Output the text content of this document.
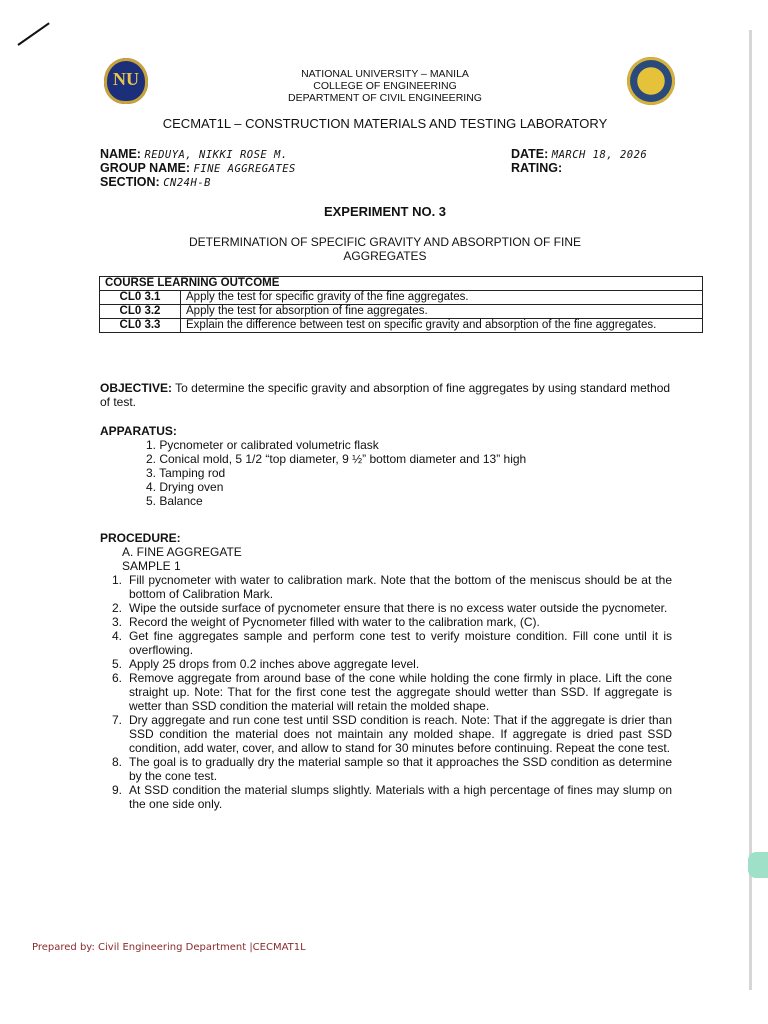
NU	NATIONAL UNIVERSITY – MANILA
COLLEGE OF ENGINEERING
DEPARTMENT OF CIVIL ENGINEERING
CECMAT1L – CONSTRUCTION MATERIALS AND TESTING LABORATORY
NAME: REDUYA, NIKKI ROSE M.
GROUP NAME: FINE AGGREGATES
SECTION: CN24H-B
DATE: MARCH 18, 2026
RATING:
EXPERIMENT NO. 3
DETERMINATION OF SPECIFIC GRAVITY AND ABSORPTION OF FINE AGGREGATES
COURSE LEARNING OUTCOME	
CL0 3.1	Apply the test for specific gravity of the fine aggregates.
CL0 3.2	Apply the test for absorption of fine aggregates.
CL0 3.3	Explain the difference between test on specific gravity and absorption of the fine aggregates.
OBJECTIVE: To determine the specific gravity and absorption of fine aggregates by using standard method of test.
APPARATUS:
1. Pycnometer or calibrated volumetric flask
2. Conical mold, 5 1/2 “top diameter, 9 ½” bottom diameter and 13” high
3. Tamping rod
4. Drying oven
5. Balance
PROCEDURE:
A. FINE AGGREGATE
SAMPLE 1
1. Fill pycnometer with water to calibration mark. Note that the bottom of the meniscus should be at the bottom of Calibration Mark.
2. Wipe the outside surface of pycnometer ensure that there is no excess water outside the pycnometer.
3. Record the weight of Pycnometer filled with water to the calibration mark, (C).
4. Get fine aggregates sample and perform cone test to verify moisture condition. Fill cone until it is overflowing.
5. Apply 25 drops from 0.2 inches above aggregate level.
6. Remove aggregate from around base of the cone while holding the cone firmly in place. Lift the cone straight up. Note: That for the first cone test the aggregate should wetter than SSD. If aggregate is wetter than SSD condition the material will retain the molded shape.
7. Dry aggregate and run cone test until SSD condition is reach. Note: That if the aggregate is drier than SSD condition the material does not maintain any molded shape. If aggregate is dried past SSD condition, add water, cover, and allow to stand for 30 minutes before continuing. Repeat the cone test.
8. The goal is to gradually dry the material sample so that it approaches the SSD condition as determine by the cone test.
9. At SSD condition the material slumps slightly. Materials with a high percentage of fines may slump on the one side only.
Prepared by: Civil Engineering Department |CECMAT1L
